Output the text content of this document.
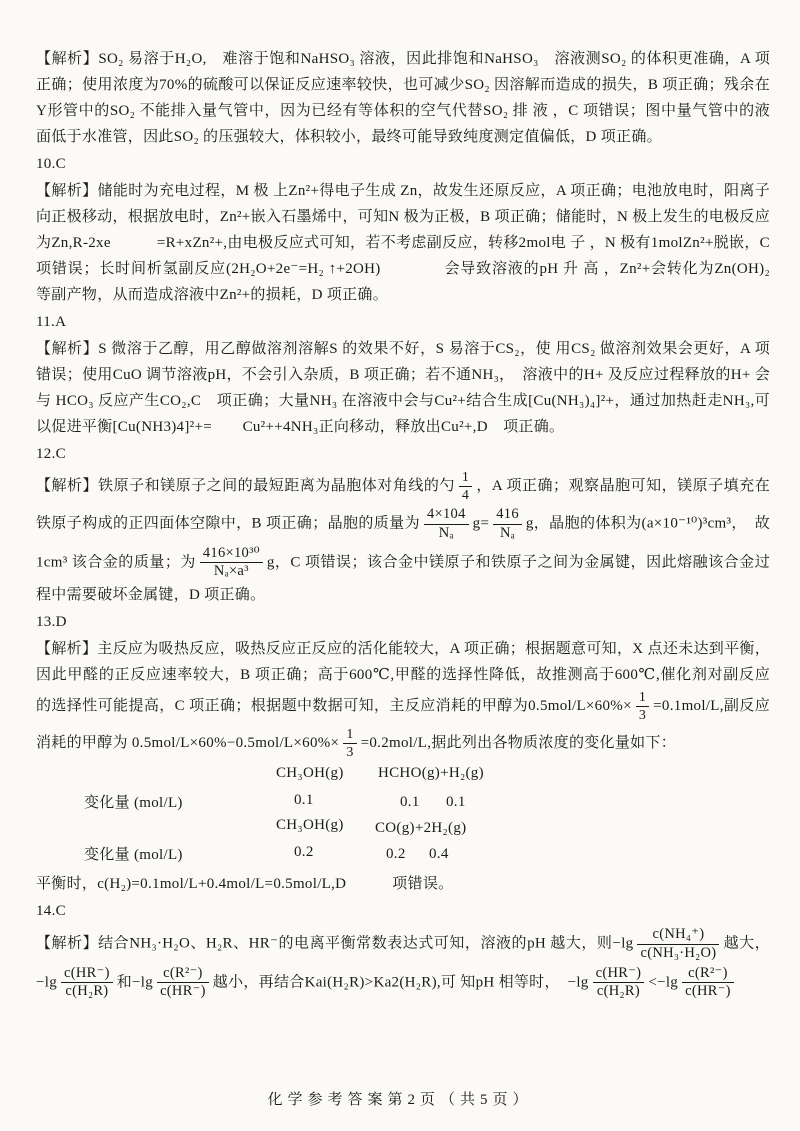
【解析】SO₂ 易溶于H₂O,　难溶于饱和NaHSO₃ 溶液，因此排饱和NaHSO₃　溶液测SO₂ 的体积更准确，A 项正确；使用浓度为70%的硫酸可以保证反应速率较快，也可减少SO₂ 因溶解而造成的损失，B 项正确；残余在Y形管中的SO₂ 不能排入量气管中，因为已经有等体积的空气代替SO₂ 排 液 ，C 项错误；图中量气管中的液面低于水准管，因此SO₂ 的压强较大，体积较小，最终可能导致纯度测定值偏低，D 项正确。

10.C

【解析】储能时为充电过程，M 极 上Zn²+得电子生成 Zn，故发生还原反应，A 项正确；电池放电时，阳离子向正极移动，根据放电时，Zn²+嵌入石墨烯中，可知N 极为正极，B 项正确；储能时，N 极上发生的电极反应为Zn,R-2xe　　　=R+xZn²+,由电极反应式可知，若不考虑副反应，转移2mol电 子 ，N 极有1molZn²+脱嵌，C 项错误；长时间析氢副反应(2H₂O+2e⁻=H₂ ↑+2OH)　　　　会导致溶液的pH 升 高 ，Zn²+会转化为Zn(OH)₂ 等副产物，从而造成溶液中Zn²+的损耗，D 项正确。

11.A

【解析】S 微溶于乙醇，用乙醇做溶剂溶解S 的效果不好，S 易溶于CS₂，使 用CS₂ 做溶剂效果会更好，A 项错误；使用CuO 调节溶液pH，不会引入杂质，B 项正确；若不通NH₃，　溶液中的H+ 及反应过程释放的H+ 会与 HCO₃ 反应产生CO₂,C　项正确；大量NH₃ 在溶液中会与Cu²+结合生成[Cu(NH₃)₄]²+，通过加热赶走NH₃,可 以促进平衡[Cu(NH3)4]²+=　　Cu²++4NH₃正向移动，释放出Cu²+,D　项正确。

12.C

【解析】铁原子和镁原子之间的最短距离为晶胞体对角线的勺 $\frac{1}{4}$ ，A 项正确；观察晶胞可知，镁原子填充在铁原子构成的正四面体空隙中，B 项正确；晶胞的质量为 $\frac{4\times 104}{\text{Nₐ}} g= \frac{416}{\text{Nₐ}}$ g，晶胞的体积为(a×10⁻¹⁰)³cm³，　故　1cm³ 该合金的质量；为 $\frac{\text{416×10³⁰}}{\text{Nₐ×a³}}$ g，C 项错误；该合金中镁原子和铁原子之间为金属键，因此熔融该合金过程中需要破坏金属键，D 项正确。

13.D

【解析】主反应为吸热反应，吸热反应正反应的活化能较大，A 项正确；根据题意可知，X 点还未达到平衡，因此甲醛的正反应速率较大，B 项正确；高于600℃,甲醛的选择性降低，故推测高于600℃,催化剂对副反应 的选择性可能提高，C 项正确；根据题中数据可知，主反应消耗的甲醇为$0.5mol/L\times 60\%\times \frac{1}{3} =0.1mol/L$,副反应 消耗的甲醇为 $0.5mol/L\times 60\%-0.5mol/L\times 60\%\times \frac{1}{3} =0.2mol/L$,据此列出各物质浓度的变化量如下：

CH₃OH(g) HCHO(g)+H₂(g)
变化量 (mol/L)	0.1	0.1 0.1
CH₃OH(g) CO(g)+2H₂(g)
变化量 (mol/L)	0.2	0.2 0.4

平衡时，c(H₂)=0.1mol/L+0.4mol/L=0.5mol/L,D　　　项错误。

14.C

【解析】结合NH₃·H₂O、H₂R、HR⁻的电离平衡常数表达式可知，溶液的pH 越大，则$-\lg \frac{\text{c(NH₄⁺)}}{\text{c(NH₃·H₂O)}}$ 越大，$-\lg \frac{c(HR^-)}{\text{c(H₂R)}}$ 和$-\lg \frac{\text{c(R²⁻)}}{c(HR^-)}$ 越小，再结合Kai(H₂R)>Ka2(H₂R),可 知pH 相等时，　$-\lg \frac{c(HR^-)}{\text{c(H₂R)}} <-\lg \frac{\text{c(R²⁻)}}{c(HR^-)}$

化学参考答案第2页（共5页）
